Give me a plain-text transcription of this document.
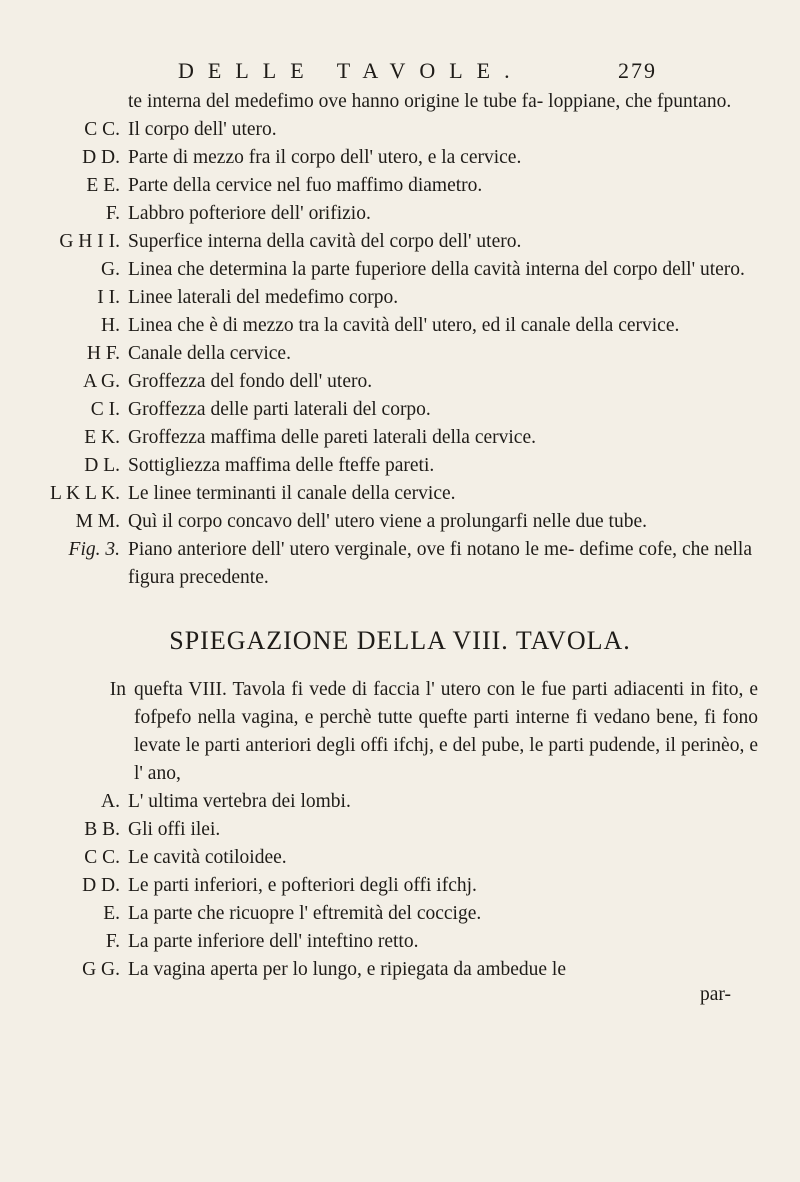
DELLE TAVOLE.	279
te interna del medefimo ove hanno origine le tube fa- loppiane, che fpuntano.
C C. Il corpo dell' utero.
D D. Parte di mezzo fra il corpo dell' utero, e la cervice.
E E. Parte della cervice nel fuo maffimo diametro.
F. Labbro pofteriore dell' orifizio.
G H I I. Superfice interna della cavità del corpo dell' utero.
G. Linea che determina la parte fuperiore della cavità interna del corpo dell' utero.
I I. Linee laterali del medefimo corpo.
H. Linea che è di mezzo tra la cavità dell' utero, ed il canale della cervice.
H F. Canale della cervice.
A G. Groffezza del fondo dell' utero.
C I. Groffezza delle parti laterali del corpo.
E K. Groffezza maffima delle pareti laterali della cervice.
D L. Sottigliezza maffima delle fteffe pareti.
L K L K. Le linee terminanti il canale della cervice.
M M. Quì il corpo concavo dell' utero viene a prolungarfi nelle due tube.
Fig. 3. Piano anteriore dell' utero verginale, ove fi notano le me- defime cofe, che nella figura precedente.
SPIEGAZIONE DELLA VIII. TAVOLA.
In quefta VIII. Tavola fi vede di faccia l' utero con le fue parti adiacenti in fito, e fofpefo nella vagina, e perchè tutte quefte parti interne fi vedano bene, fi fono levate le parti anteriori degli offi ifchj, e del pube, le parti pudende, il perinèo, e l' ano,
A. L' ultima vertebra dei lombi.
B B. Gli offi ilei.
C C. Le cavità cotiloidee.
D D. Le parti inferiori, e pofteriori degli offi ifchj.
E. La parte che ricuopre l' eftremità del coccige.
F. La parte inferiore dell' inteftino retto.
G G. La vagina aperta per lo lungo, e ripiegata da ambedue le
par-
